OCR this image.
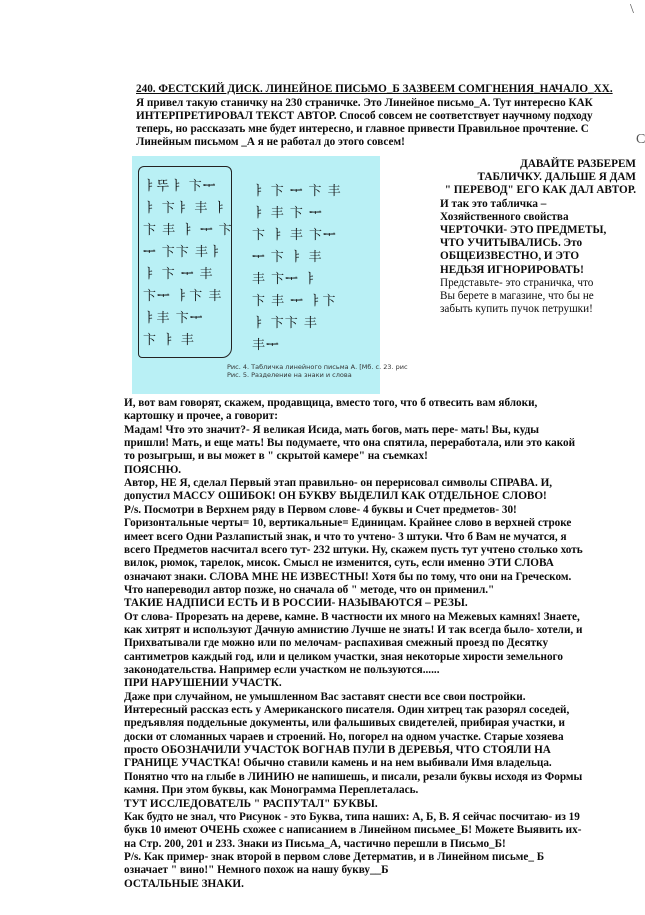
\
C
240. ФЕСТСКИЙ ДИСК. ЛИНЕЙНОЕ ПИСЬМО_Б ЗАЗВЕЕМ СОМГНЕНИЯ_НАЧАЛО_XX.
Я привел такую станичку на 230 страничке. Это Линейное письмо_А. Тут интересно КАК
ИНТЕРПРЕТИРОВАЛ ТЕКСТ АВТОР. Способ совсем не соответствует научному подходу
теперь, но рассказать мне будет интересно, и главное привести Правильное прочтение. С
Линейным письмом _А я не работал до этого совсем!
ㅑ뚜ㅑ 卞ᆍ
ㅑ 卞ㅑ 丰 ㅑ
卞 丰 ㅑ ᆍ 卞
ᆍ 卞卞 丰ㅑ
ㅑ 卞 ᆍ 丰
卞ᆍ ㅑ卞 丰
ㅑ丰 卞ᆍ
卞 ㅑ 丰
ㅑ 卞 ᆍ 卞 丰
ㅑ 丰 卞 ᆍ
卞 ㅑ 丰 卞ᆍ
ᆍ 卞 ㅑ 丰
丰 卞ᆍ ㅑ
卞 丰 ᆍ ㅑ卞
ㅑ 卞卞 丰
丰ᆍ
Рис. 4. Табличка линейного письма А. [Мб. с. 23. рис
Рис. 5. Разделение на знаки и слова
ДАВАЙТЕ РАЗБЕРЕМ
ТАБЛИЧКУ. ДАЛЬШЕ Я ДАМ
" ПЕРЕВОД" ЕГО КАК ДАЛ АВТОР.
И так это табличка –
Хозяйственного свойства
ЧЕРТОЧКИ- ЭТО ПРЕДМЕТЫ,
ЧТО УЧИТЫВАЛИСЬ. Это
ОБЩЕИЗВЕСТНО, И ЭТО
НЕДЬЗЯ ИГНОРИРОВАТЬ!
Представьте- это страничка, что
Вы берете в магазине, что бы не
забыть купить пучок петрушки!
И, вот вам говорят, скажем, продавщица, вместо того, что б отвесить вам яблоки,
картошку и прочее, а говорит:
Мадам! Что это значит?- Я великая Исида, мать богов, мать пере- мать! Вы, куды
пришли! Мать, и еще мать! Вы подумаете, что она спятила, переработала, или это какой
то розыгрыш, и вы может в " скрытой камере" на съемках!
ПОЯСНЮ.
Автор, НЕ Я, сделал Первый этап правильно- он перерисовал символы СПРАВА. И,
допустил МАССУ ОШИБОК! ОН БУКВУ ВЫДЕЛИЛ КАК ОТДЕЛЬНОЕ СЛОВО!
P/s. Посмотри в Верхнем ряду в Первом слове- 4 буквы и Счет предметов- 30!
Горизонтальные черты= 10, вертикальные= Единицам. Крайнее слово в верхней строке
имеет всего Одни Разлапистый знак, и что то учтено- 3 штуки. Что б Вам не мучатся, я
всего Предметов насчитал всего тут- 232 штуки. Ну, скажем пусть тут учтено столько хоть
вилок, рюмок, тарелок, мисок. Смысл не изменится, суть, если именно ЭТИ СЛОВА
означают знаки. СЛОВА МНЕ НЕ ИЗВЕСТНЫ! Хотя бы по тому, что они на Греческом.
Что напереводил автор позже, но сначала об " методе, что он применил."
ТАКИЕ НАДПИСИ ЕСТЬ И В РОССИИ- НАЗЫВАЮТСЯ – РЕЗЫ.
От слова- Прорезать на дереве, камне. В частности их много на Межевых камнях! Знаете,
как хитрят и используют Дачную амнистию Лучше не знать! И так всегда было- хотели, и
Прихватывали где можно или по мелочам- распахивая смежный проезд по Десятку
сантиметров каждый год, или и целиком участки, зная некоторые хирости земельного
законодательства. Например если участком не пользуются......
ПРИ НАРУШЕНИИ УЧАСТК.
Даже при случайном, не умышленном Вас заставят снести все свои постройки.
Интересный рассказ есть у Американского писателя. Один хитрец так разорял соседей,
предъявляя поддельные документы, или фальшивых свидетелей, прибирая участки, и
доски от сломанных чараев и строений. Но, погорел на одном участке. Старые хозяева
просто ОБОЗНАЧИЛИ УЧАСТОК ВОГНАВ ПУЛИ В ДЕРЕВЬЯ, ЧТО СТОЯЛИ НА
ГРАНИЦЕ УЧАСТКА! Обычно ставили камень и на нем выбивали Имя владельца.
Понятно что на глыбе в ЛИНИЮ не напишешь, и писали, резали буквы исходя из Формы
камня. При этом буквы, как Монограмма Переплеталась.
ТУТ ИССЛЕДОВАТЕЛЬ " РАСПУТАЛ" БУКВЫ.
Как будто не знал, что Рисунок - это Буква, типа наших: А, Б, В. Я сейчас посчитаю- из 19
букв 10 имеют ОЧЕНЬ схожее с написанием в Линейном письмее_Б! Можете Выявить их-
на Стр. 200, 201 и 233. Знаки из Письма_А, частично перешли в Письмо_Б!
P/s. Как пример- знак второй в первом слове Детерматив, и в Линейном письме_ Б
означает " вино!" Немного похож на нашу букву__Б
ОСТАЛЬНЫЕ ЗНАКИ.
